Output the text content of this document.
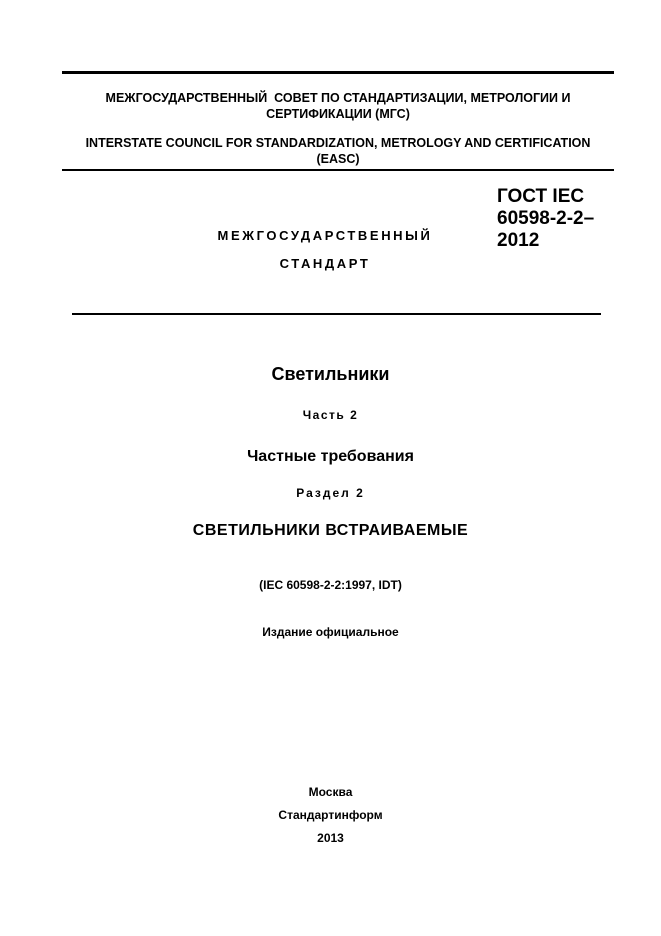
МЕЖГОСУДАРСТВЕННЫЙ  СОВЕТ ПО СТАНДАРТИЗАЦИИ, МЕТРОЛОГИИ И
СЕРТИФИКАЦИИ (МГС)
INTERSTATE COUNCIL FOR STANDARDIZATION, METROLOGY AND CERTIFICATION
(EASC)
МЕЖГОСУДАРСТВЕННЫЙ
СТАНДАРТ
ГОСТ IEC
60598-2-2–
2012
Светильники
Часть 2
Частные требования
Раздел 2
СВЕТИЛЬНИКИ ВСТРАИВАЕМЫЕ
(IEC 60598-2-2:1997, IDT)
Издание официальное
Москва
Стандартинформ
2013
